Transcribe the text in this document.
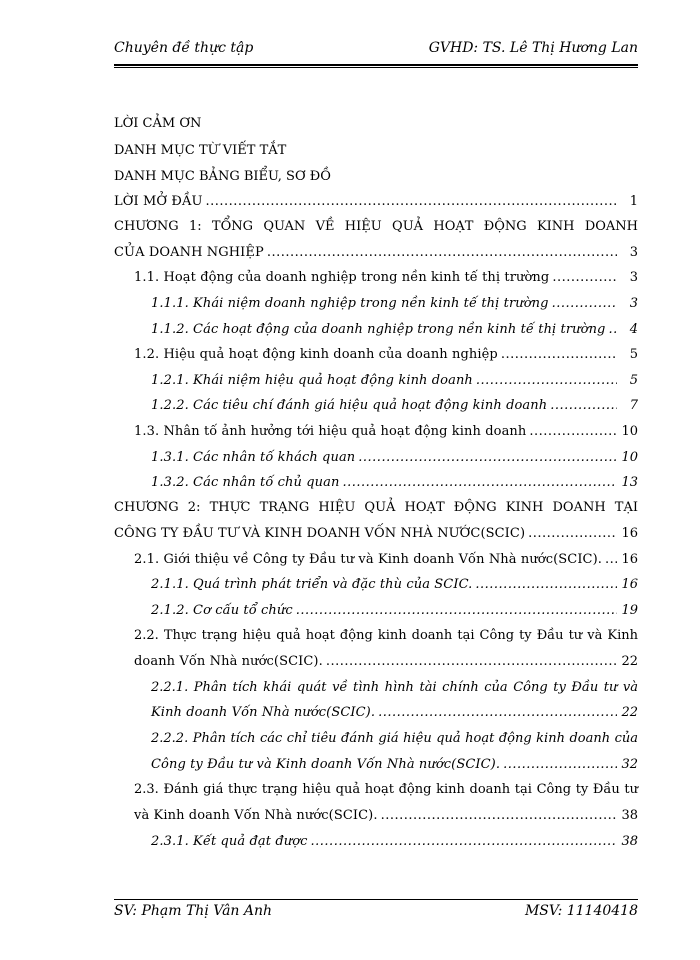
Chuyên đề thực tập	GVHD: TS. Lê Thị Hương Lan
LỜI CẢM ƠN
DANH MỤC TỪ VIẾT TẮT
DANH MỤC BẢNG BIỂU, SƠ ĐỒ
LỜI MỞ ĐẦU .....	1
CHƯƠNG 1: TỔNG QUAN VỀ HIỆU QUẢ HOẠT ĐỘNG KINH DOANH
CỦA DOANH NGHIỆP .....	3
1.1. Hoạt động của doanh nghiệp trong nền kinh tế thị trường .....	3
1.1.1. Khái niệm doanh nghiệp trong nền kinh tế thị trường .....	3
1.1.2. Các hoạt động của doanh nghiệp trong nền kinh tế thị trường .....	4
1.2. Hiệu quả hoạt động kinh doanh của doanh nghiệp .....	5
1.2.1. Khái niệm hiệu quả hoạt động kinh doanh .....	5
1.2.2. Các tiêu chí đánh giá hiệu quả hoạt động kinh doanh .....	7
1.3. Nhân tố ảnh hưởng tới hiệu quả hoạt động kinh doanh .....	10
1.3.1. Các nhân tố khách quan .....	10
1.3.2. Các nhân tố chủ quan .....	13
CHƯƠNG 2: THỰC TRẠNG HIỆU QUẢ HOẠT ĐỘNG KINH DOANH TẠI
CÔNG TY ĐẦU TƯ VÀ KINH DOANH VỐN NHÀ NƯỚC(SCIC) .....	16
2.1. Giới thiệu về Công ty Đầu tư và Kinh doanh Vốn Nhà nước(SCIC). ..... 16
2.1.1. Quá trình phát triển và đặc thù của SCIC. .....	16
2.1.2. Cơ cấu tổ chức .....	19
2.2. Thực trạng hiệu quả hoạt động kinh doanh tại Công ty Đầu tư và Kinh
doanh Vốn Nhà nước(SCIC). .....	22
2.2.1. Phân tích khái quát về tình hình tài chính của Công ty Đầu tư và
Kinh doanh Vốn Nhà nước(SCIC). .....	22
2.2.2. Phân tích các chỉ tiêu đánh giá hiệu quả hoạt động kinh doanh của
Công ty Đầu tư và Kinh doanh Vốn Nhà nước(SCIC). .....	32
2.3. Đánh giá thực trạng hiệu quả hoạt động kinh doanh tại Công ty Đầu tư
và Kinh doanh Vốn Nhà nước(SCIC). .....	38
2.3.1. Kết quả đạt được .....	38
SV: Phạm Thị Vân Anh	MSV: 11140418
